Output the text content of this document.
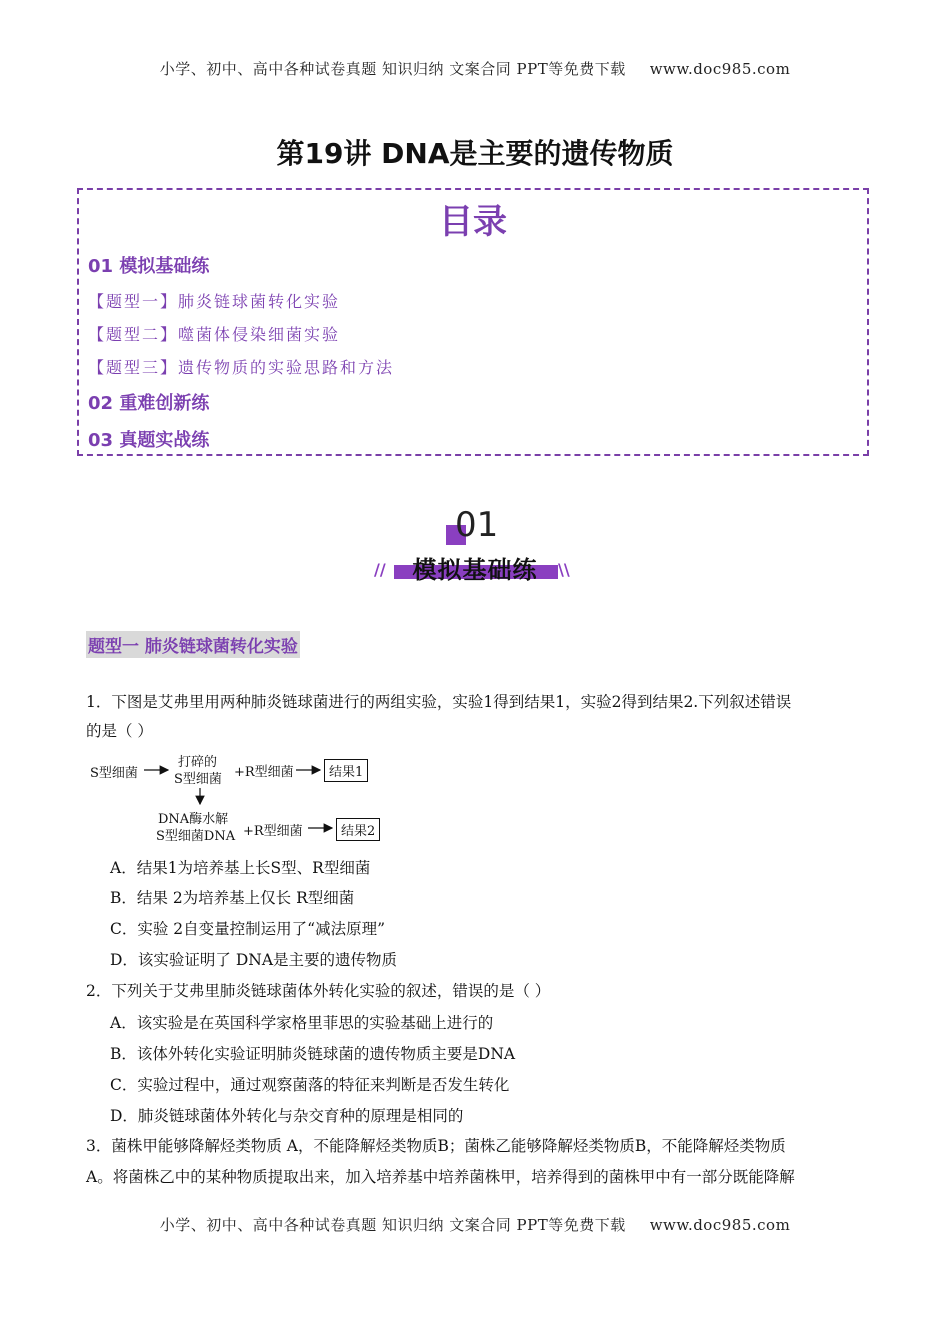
小学、初中、高中各种试卷真题 知识归纳 文案合同 PPT等免费下载 www.doc985.com
第19讲 DNA是主要的遗传物质
目录
01 模拟基础练
【题型一】肺炎链球菌转化实验
【题型二】噬菌体侵染细菌实验
【题型三】遗传物质的实验思路和方法
02 重难创新练
03 真题实战练
01
模拟基础练
//	\\
题型一 肺炎链球菌转化实验
1．下图是艾弗里用两种肺炎链球菌进行的两组实验，实验1得到结果1，实验2得到结果2.下列叙述错误
的是（ ）
S型细菌
打碎的
S型细菌 +R型细菌	结果1
DNA酶水解
S型细菌DNA +R型细菌	结果2
A．结果1为培养基上长S型、R型细菌
B．结果 2为培养基上仅长 R型细菌
C．实验 2自变量控制运用了“减法原理”
D．该实验证明了 DNA是主要的遗传物质
2．下列关于艾弗里肺炎链球菌体外转化实验的叙述，错误的是（ ）
A．该实验是在英国科学家格里菲思的实验基础上进行的
B．该体外转化实验证明肺炎链球菌的遗传物质主要是DNA
C．实验过程中，通过观察菌落的特征来判断是否发生转化
D．肺炎链球菌体外转化与杂交育种的原理是相同的
3．菌株甲能够降解烃类物质 A，不能降解烃类物质B；菌株乙能够降解烃类物质B，不能降解烃类物质
A。将菌株乙中的某种物质提取出来，加入培养基中培养菌株甲，培养得到的菌株甲中有一部分既能降解
小学、初中、高中各种试卷真题 知识归纳 文案合同 PPT等免费下载 www.doc985.com
